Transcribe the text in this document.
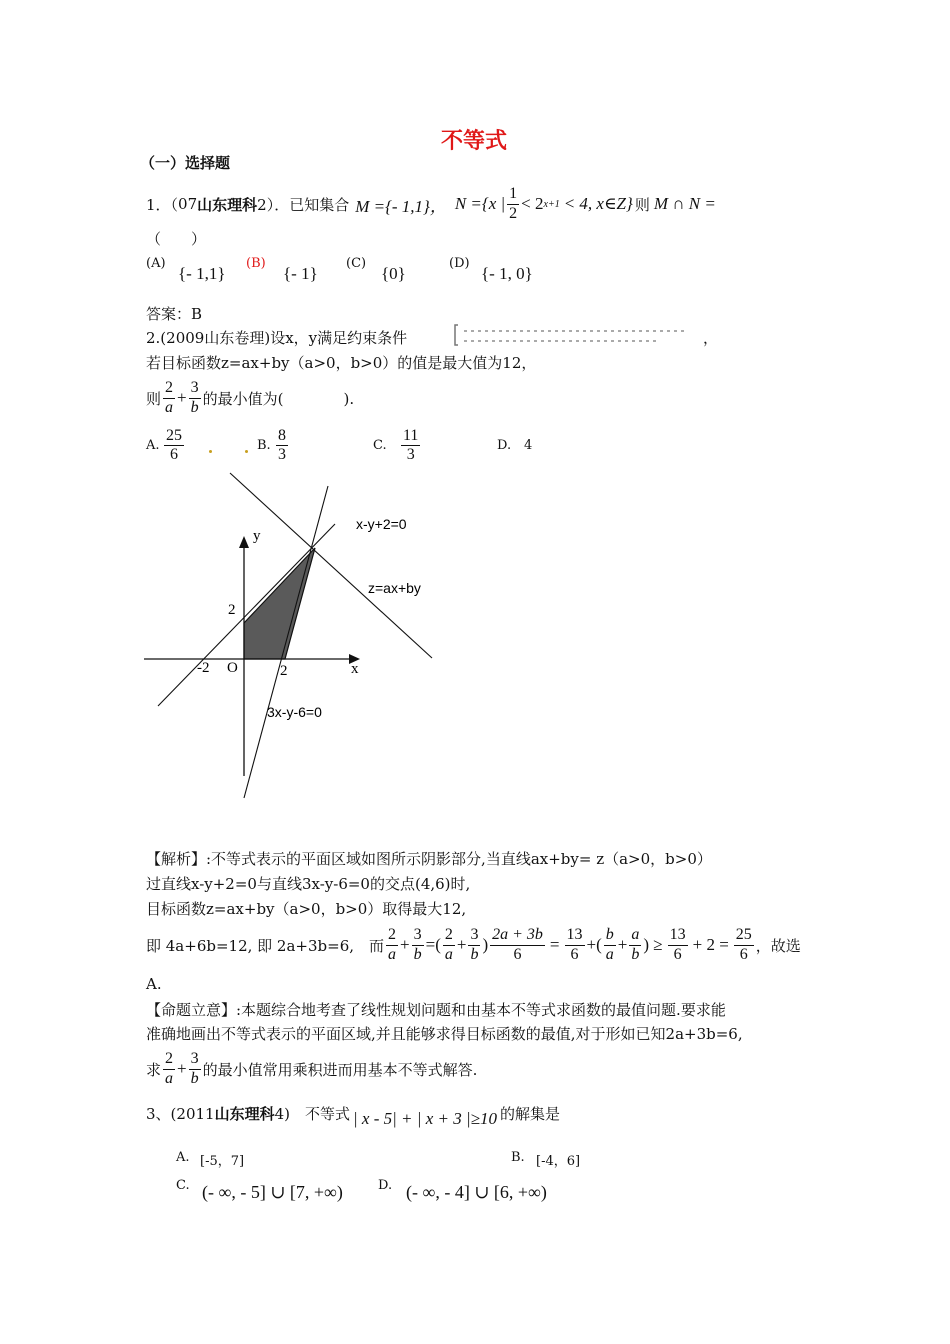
不等式
（一）选择题
1．（ 07 山东理科 2）．已知集合 M ={- 1,1}， N ={x | $\frac{1}{2} < 2$ x+1 < 4, x∈Z} 则 M ∩ N =
（　　）
(A)
{- 1,1}
(B)
{- 1}
(C)
{0}
(D)
{- 1, 0}
答案：B
2.(2009山东卷理)设x，y满足约束条件	，
若目标函数z=ax+by（a>0，b>0）的值是最大值为12，
则 $\frac{2}{a} + \frac{3}{b}$ 的最小值为(　　　　).
A. $\frac{25}{6}$	B. $\frac{8}{3}$	C. $\frac{11}{3}$	D. 4
y
x
O
-2	2
2
x-y+2=0
z=ax+by
3x-y-6=0
【解析】:不等式表示的平面区域如图所示阴影部分,当直线ax+by= z（a>0，b>0）
过直线x-y+2=0与直线3x-y-6=0的交点(4,6)时,
目标函数z=ax+by（a>0，b>0）取得最大12,
即 4a+6b=12, 即 2a+3b=6,　而 $\frac{2}{a} + \frac{3}{b}$ =( $\frac{2}{a} + \frac{3}{b}$ ) $\frac{2a + 3b}{6} = \frac{13}{6}$ +( $\frac{b}{a} + \frac{a}{b}$ ) ≥ $\frac{13}{6} + 2 = \frac{25}{6}$ ，故选
A.
【命题立意】:本题综合地考查了线性规划问题和由基本不等式求函数的最值问题.要求能
准确地画出不等式表示的平面区域,并且能够求得目标函数的最值,对于形如已知2a+3b=6,
求 $\frac{2}{a} + \frac{3}{b}$ 的最小值常用乘积进而用基本不等式解答.
3、(2011 山东理科 4)　不等式 | x - 5| + | x + 3 |≥10 的解集是
A. [-5，7]	B. [-4，6]
C. (- ∞, - 5] ∪ [7, +∞)	D. (- ∞, - 4] ∪ [6, +∞)
